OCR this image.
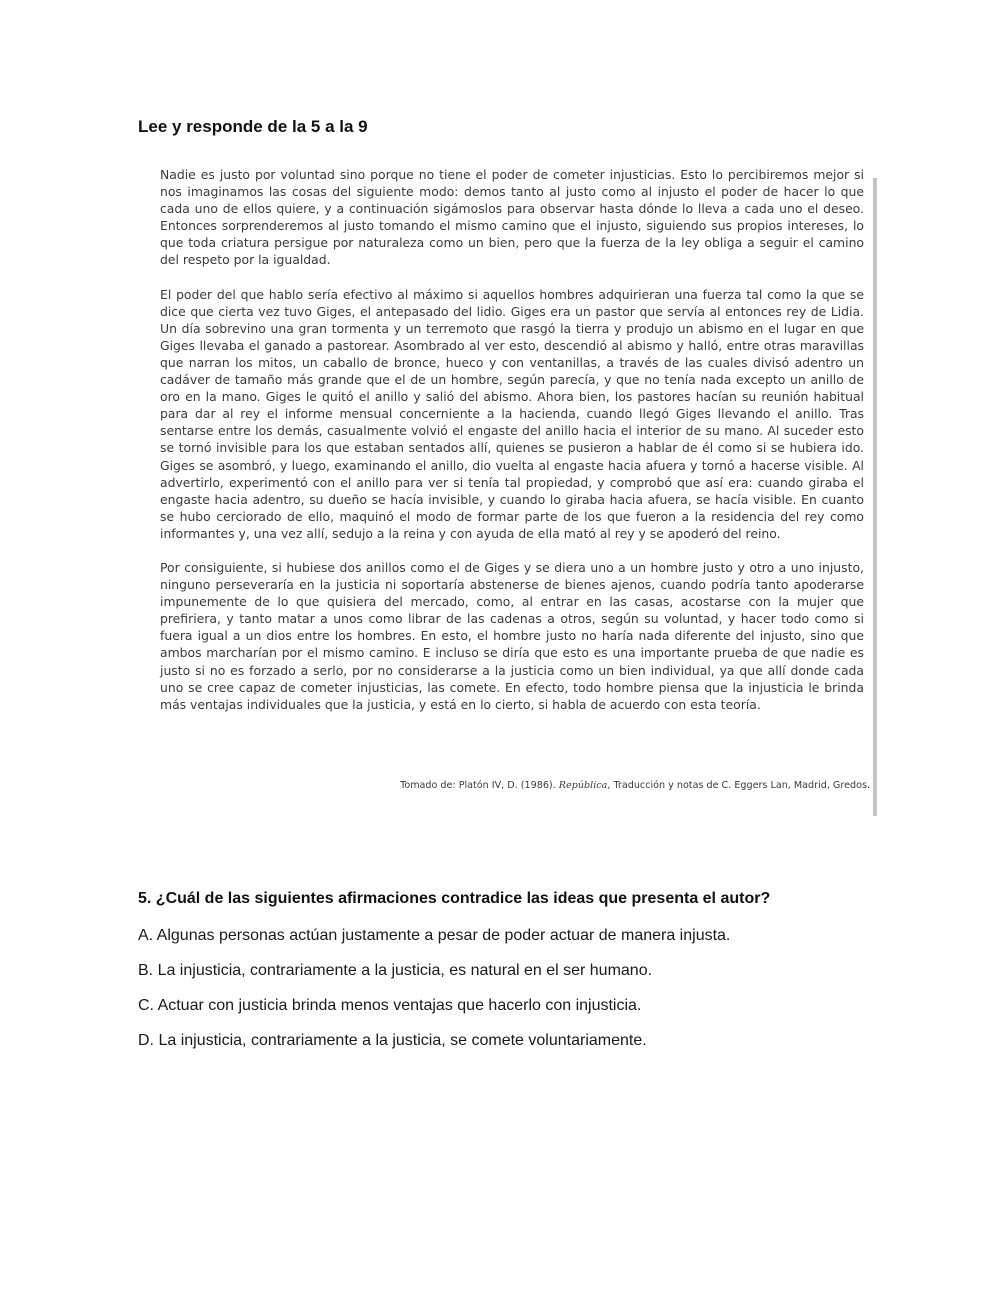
Lee y responde de la 5 a la 9

Nadie es justo por voluntad sino porque no tiene el poder de cometer injusticias. Esto lo percibiremos mejor si nos imaginamos las cosas del siguiente modo: demos tanto al justo como al injusto el poder de hacer lo que cada uno de ellos quiere, y a continuación sigámoslos para observar hasta dónde lo lleva a cada uno el deseo. Entonces sorprenderemos al justo tomando el mismo camino que el injusto, siguiendo sus propios intereses, lo que toda criatura persigue por naturaleza como un bien, pero que la fuerza de la ley obliga a seguir el camino del respeto por la igualdad.

El poder del que hablo sería efectivo al máximo si aquellos hombres adquirieran una fuerza tal como la que se dice que cierta vez tuvo Giges, el antepasado del lidio. Giges era un pastor que servía al entonces rey de Lidia. Un día sobrevino una gran tormenta y un terremoto que rasgó la tierra y produjo un abismo en el lugar en que Giges llevaba el ganado a pastorear. Asombrado al ver esto, descendió al abismo y halló, entre otras maravillas que narran los mitos, un caballo de bronce, hueco y con ventanillas, a través de las cuales divisó adentro un cadáver de tamaño más grande que el de un hombre, según parecía, y que no tenía nada excepto un anillo de oro en la mano. Giges le quitó el anillo y salió del abismo. Ahora bien, los pastores hacían su reunión habitual para dar al rey el informe mensual concerniente a la hacienda, cuando llegó Giges llevando el anillo. Tras sentarse entre los demás, casualmente volvió el engaste del anillo hacia el interior de su mano. Al suceder esto se tornó invisible para los que estaban sentados allí, quienes se pusieron a hablar de él como si se hubiera ido. Giges se asombró, y luego, examinando el anillo, dio vuelta al engaste hacia afuera y tornó a hacerse visible. Al advertirlo, experimentó con el anillo para ver si tenía tal propiedad, y comprobó que así era: cuando giraba el engaste hacia adentro, su dueño se hacía invisible, y cuando lo giraba hacia afuera, se hacía visible. En cuanto se hubo cerciorado de ello, maquinó el modo de formar parte de los que fueron a la residencia del rey como informantes y, una vez allí, sedujo a la reina y con ayuda de ella mató al rey y se apoderó del reino.

Por consiguiente, si hubiese dos anillos como el de Giges y se diera uno a un hombre justo y otro a uno injusto, ninguno perseveraría en la justicia ni soportaría abstenerse de bienes ajenos, cuando podría tanto apoderarse impunemente de lo que quisiera del mercado, como, al entrar en las casas, acostarse con la mujer que prefiriera, y tanto matar a unos como librar de las cadenas a otros, según su voluntad, y hacer todo como si fuera igual a un dios entre los hombres. En esto, el hombre justo no haría nada diferente del injusto, sino que ambos marcharían por el mismo camino. E incluso se diría que esto es una importante prueba de que nadie es justo si no es forzado a serlo, por no considerarse a la justicia como un bien individual, ya que allí donde cada uno se cree capaz de cometer injusticias, las comete. En efecto, todo hombre piensa que la injusticia le brinda más ventajas individuales que la justicia, y está en lo cierto, si habla de acuerdo con esta teoría.

Tomado de: Platón IV, D. (1986). República, Traducción y notas de C. Eggers Lan, Madrid, Gredos.
5. ¿Cuál de las siguientes afirmaciones contradice las ideas que presenta el autor?
A. Algunas personas actúan justamente a pesar de poder actuar de manera injusta.
B. La injusticia, contrariamente a la justicia, es natural en el ser humano.
C. Actuar con justicia brinda menos ventajas que hacerlo con injusticia.
D. La injusticia, contrariamente a la justicia, se comete voluntariamente.
